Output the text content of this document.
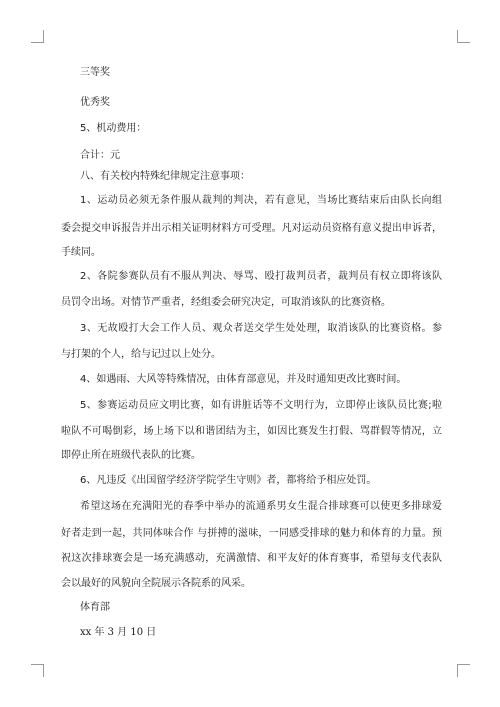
三等奖
优秀奖
5、机动费用：
合计：元
八、有关校内特殊纪律规定注意事项：
1、运动员必须无条件服从裁判的判决，若有意见，当场比赛结束后由队长向组
委会提交申诉报告并出示相关证明材料方可受理。凡对运动员资格有意义提出申诉者，
手续同。
2、各院参赛队员有不服从判决、辱骂、殴打裁判员者，裁判员有权立即将该队
员罚令出场。对情节严重者，经组委会研究决定，可取消该队的比赛资格。
3、无故殴打大会工作人员、观众者送交学生处处理，取消该队的比赛资格。参
与打架的个人，给与记过以上处分。
4、如遇雨、大风等特殊情况，由体育部意见，并及时通知更改比赛时间。
5、参赛运动员应文明比赛，如有讲脏话等不文明行为，立即停止该队员比赛;啦
啦队不可喝倒彩，场上场下以和谐团结为主，如因比赛发生打假、骂群假等情况，立
即停止所在班级代表队的比赛。
6、凡违反《出国留学经济学院学生守则》者，都将给予相应处罚。
希望这场在充满阳光的春季中举办的流通系男女生混合排球赛可以使更多排球爱
好者走到一起，共同体味合作 与拼搏的滋味，一同感受排球的魅力和体育的力量。预
祝这次排球赛会是一场充满感动，充满激情、和平友好的体育赛事，希望每支代表队
会以最好的风貌向全院展示各院系的风采。
体育部
xx 年 3 月 10 日
